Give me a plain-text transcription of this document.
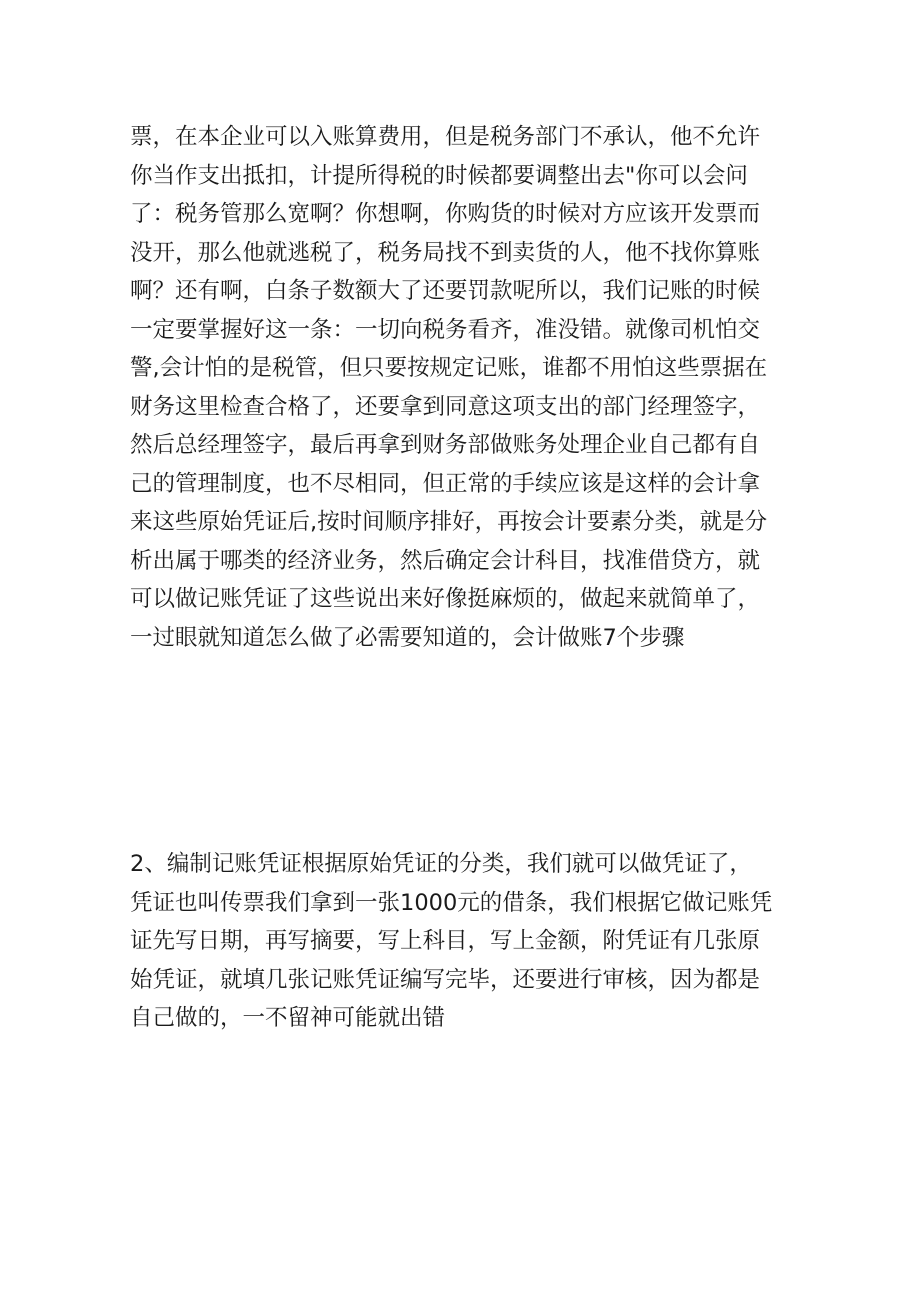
票，在本企业可以入账算费用，但是税务部门不承认，他不允许
你当作支出抵扣，计提所得税的时候都要调整出去"你可以会问
了：税务管那么宽啊？你想啊，你购货的时候对方应该开发票而
没开，那么他就逃税了，税务局找不到卖货的人，他不找你算账
啊？还有啊，白条子数额大了还要罚款呢所以，我们记账的时候
一定要掌握好这一条：一切向税务看齐，准没错。就像司机怕交
警,会计怕的是税管，但只要按规定记账，谁都不用怕这些票据在
财务这里检查合格了，还要拿到同意这项支出的部门经理签字，
然后总经理签字，最后再拿到财务部做账务处理企业自己都有自
己的管理制度，也不尽相同，但正常的手续应该是这样的会计拿
来这些原始凭证后,按时间顺序排好，再按会计要素分类，就是分
析出属于哪类的经济业务，然后确定会计科目，找准借贷方，就
可以做记账凭证了这些说出来好像挺麻烦的，做起来就简单了，
一过眼就知道怎么做了必需要知道的，会计做账7个步骤
2、编制记账凭证根据原始凭证的分类，我们就可以做凭证了，
凭证也叫传票我们拿到一张1000元的借条，我们根据它做记账凭
证先写日期，再写摘要，写上科目，写上金额，附凭证有几张原
始凭证，就填几张记账凭证编写完毕，还要进行审核，因为都是
自己做的，一不留神可能就出错
